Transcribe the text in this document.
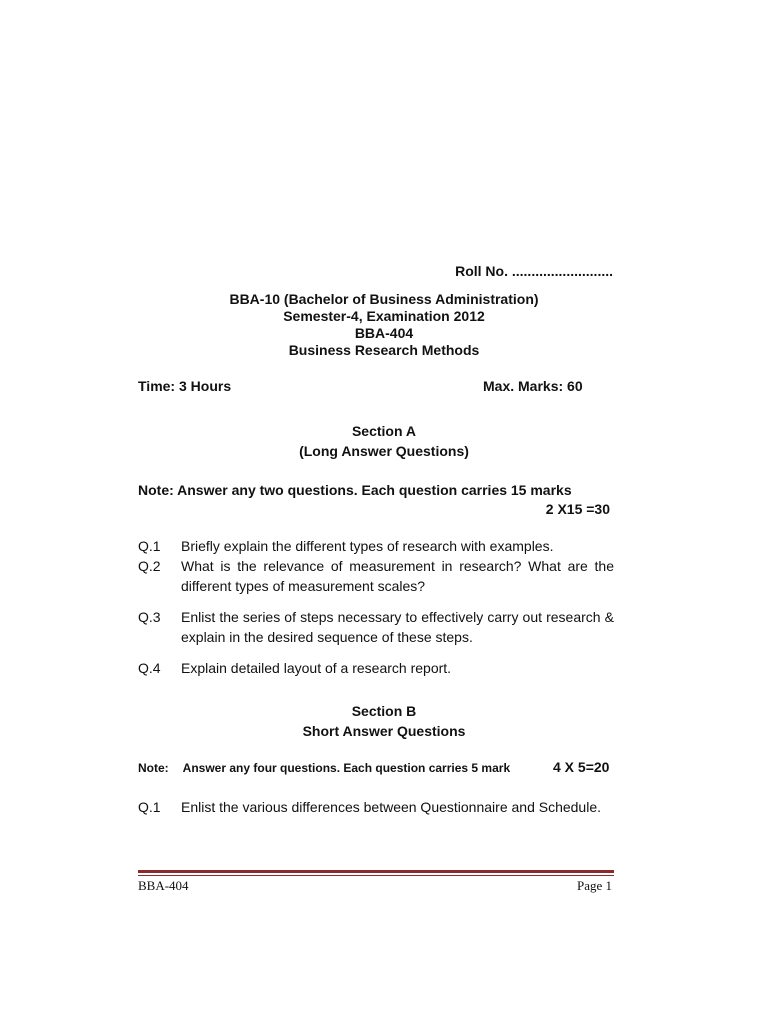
Roll No. ..........................
BBA-10 (Bachelor of Business Administration)
Semester-4, Examination 2012
BBA-404
Business Research Methods
Time: 3 Hours	Max. Marks: 60
Section A
(Long Answer Questions)
Note: Answer any two questions. Each question carries 15 marks
2 X15 =30
Q.1 Briefly explain the different types of research with examples.
Q.2 What is the relevance of measurement in research? What are the different types of measurement scales?
Q.3 Enlist the series of steps necessary to effectively carry out research & explain in the desired sequence of these steps.
Q.4 Explain detailed layout of a research report.
Section B
Short Answer Questions
Note: Answer any four questions. Each question carries 5 mark	4 X 5=20
Q.1 Enlist the various differences between Questionnaire and Schedule.
BBA-404	Page 1
